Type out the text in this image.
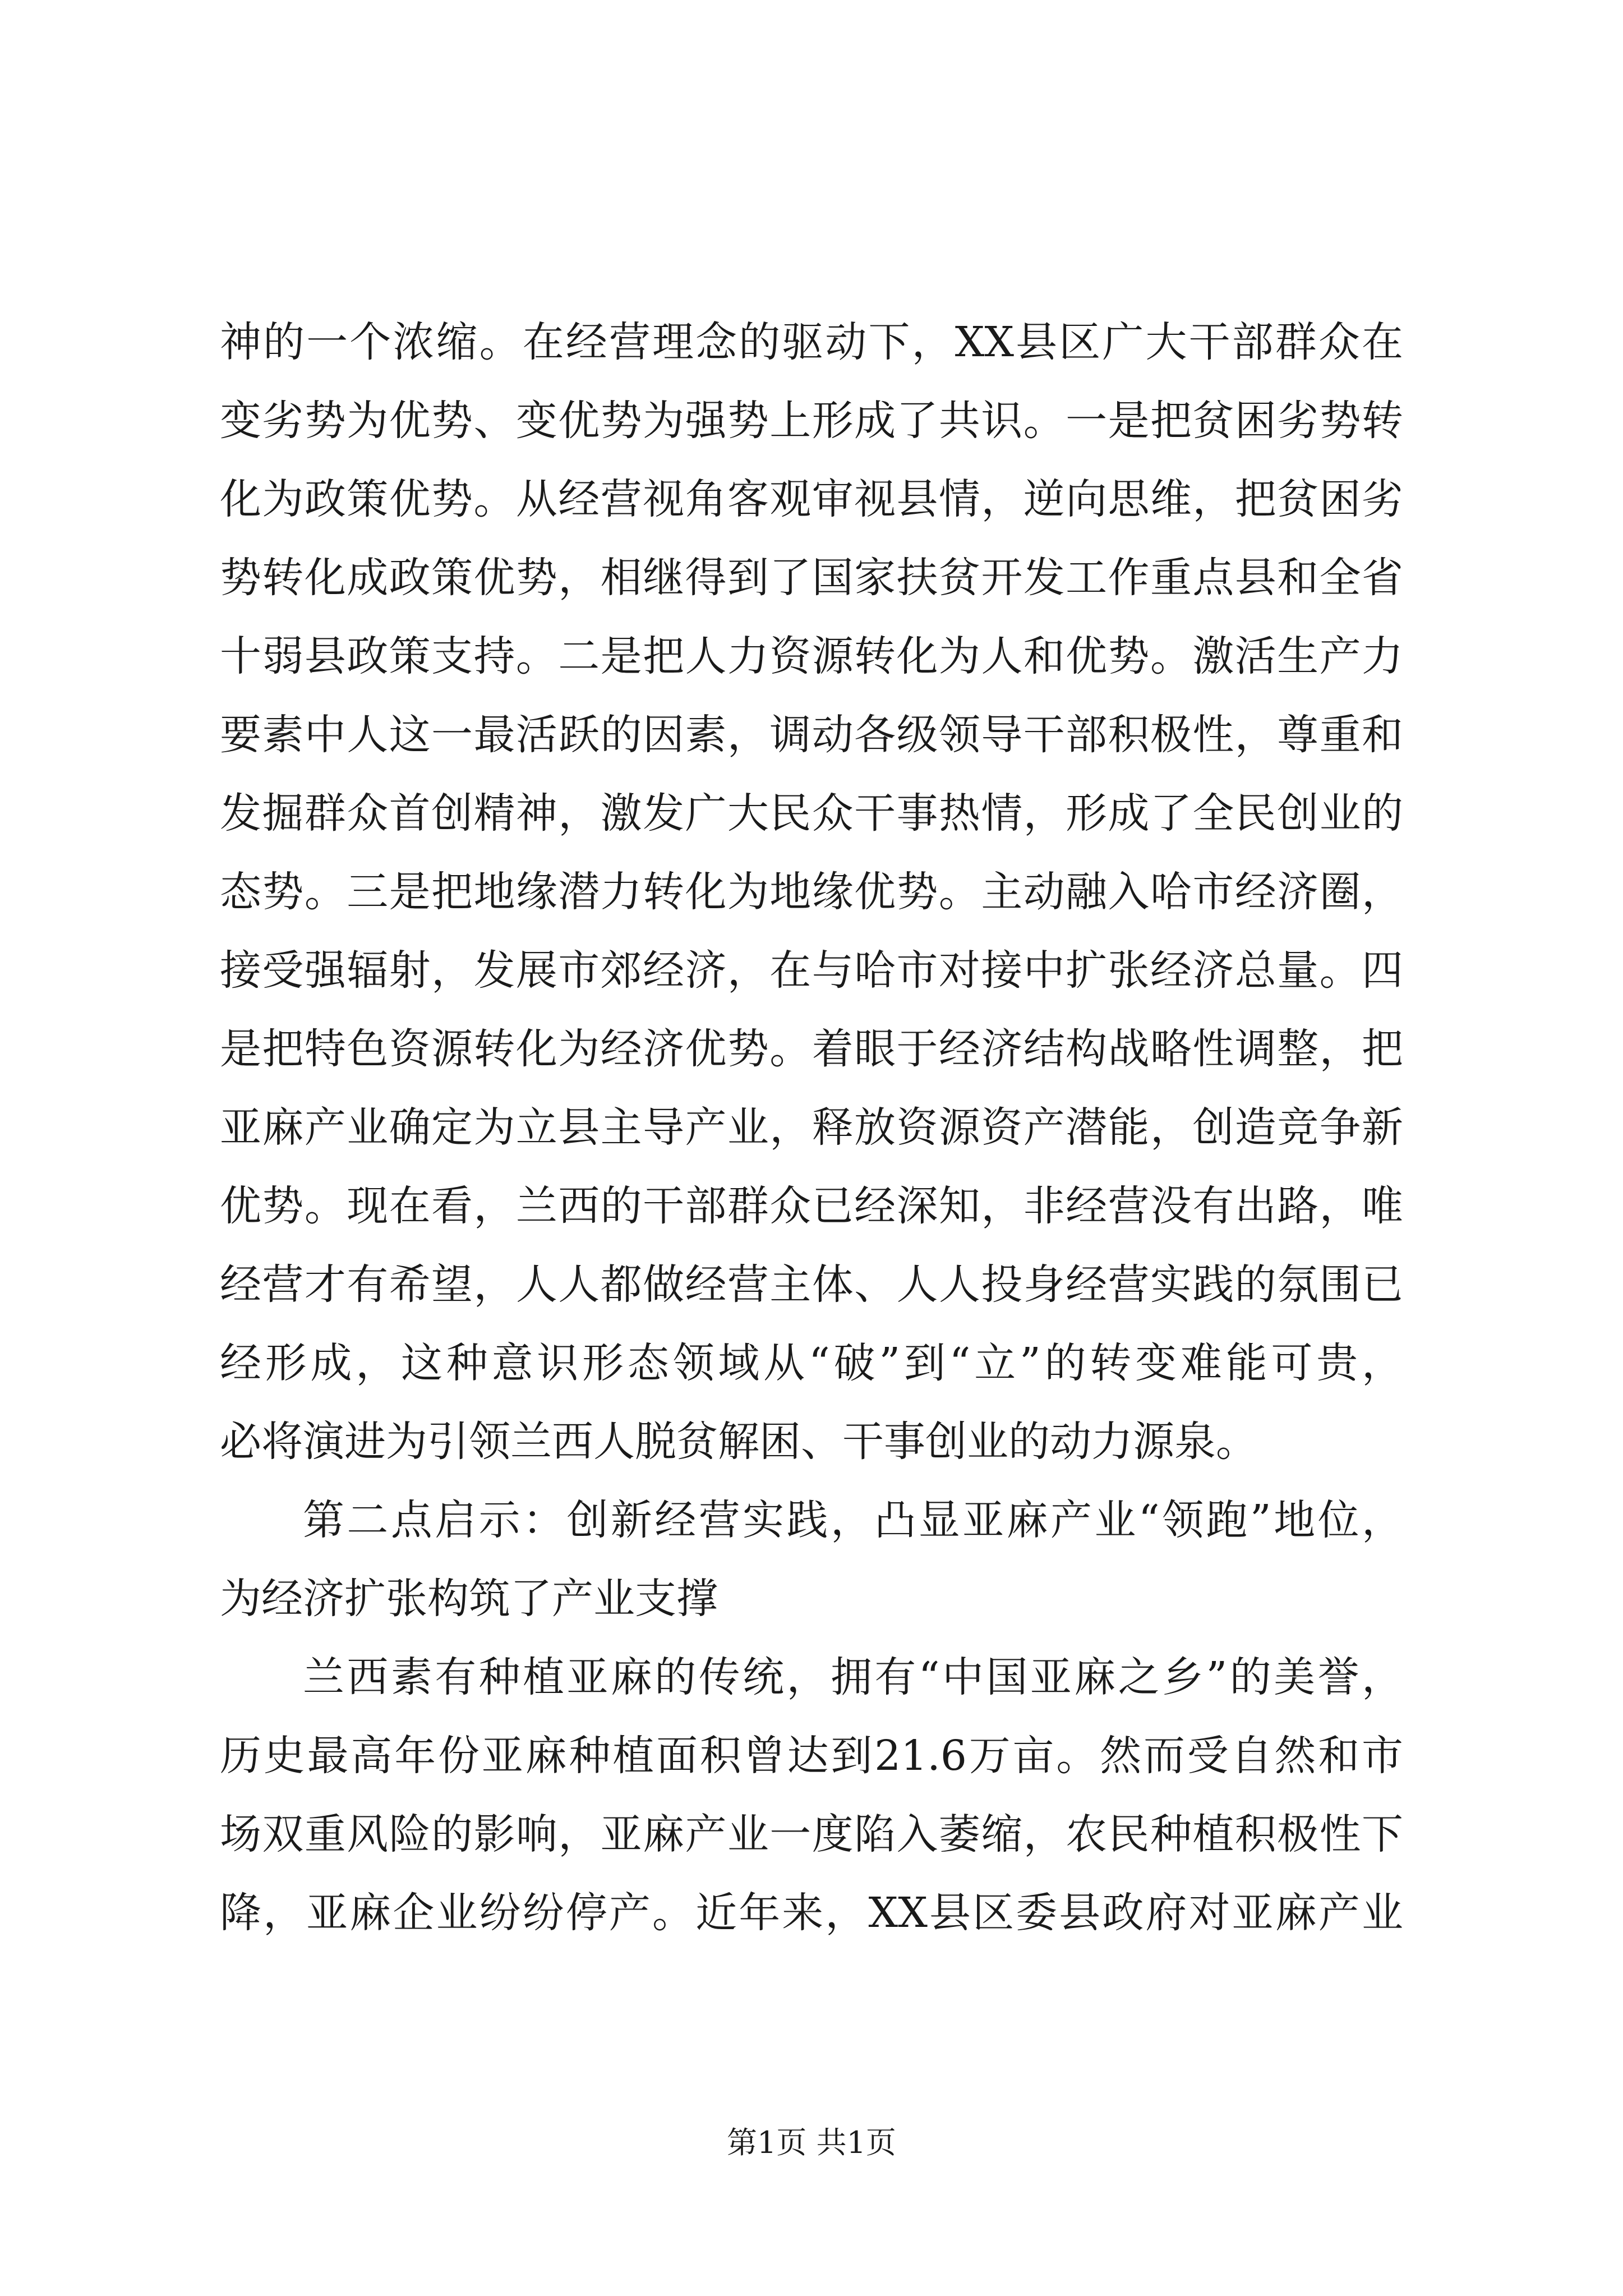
神的一个浓缩。在经营理念的驱动下，XX县区广大干部群众在
变劣势为优势、变优势为强势上形成了共识。一是把贫困劣势转
化为政策优势。从经营视角客观审视县情，逆向思维，把贫困劣
势转化成政策优势，相继得到了国家扶贫开发工作重点县和全省
十弱县政策支持。二是把人力资源转化为人和优势。激活生产力
要素中人这一最活跃的因素，调动各级领导干部积极性，尊重和
发掘群众首创精神，激发广大民众干事热情，形成了全民创业的
态势。三是把地缘潜力转化为地缘优势。主动融入哈市经济圈，
接受强辐射，发展市郊经济，在与哈市对接中扩张经济总量。四
是把特色资源转化为经济优势。着眼于经济结构战略性调整，把
亚麻产业确定为立县主导产业，释放资源资产潜能，创造竞争新
优势。现在看，兰西的干部群众已经深知，非经营没有出路，唯
经营才有希望，人人都做经营主体、人人投身经营实践的氛围已
经形成，这种意识形态领域从“破”到“立”的转变难能可贵，
必将演进为引领兰西人脱贫解困、干事创业的动力源泉。
第二点启示：创新经营实践，凸显亚麻产业“领跑”地位，
为经济扩张构筑了产业支撑
兰西素有种植亚麻的传统，拥有“中国亚麻之乡”的美誉，
历史最高年份亚麻种植面积曾达到21.6万亩。然而受自然和市
场双重风险的影响，亚麻产业一度陷入萎缩，农民种植积极性下
降，亚麻企业纷纷停产。近年来，XX县区委县政府对亚麻产业
第1页 共1页
